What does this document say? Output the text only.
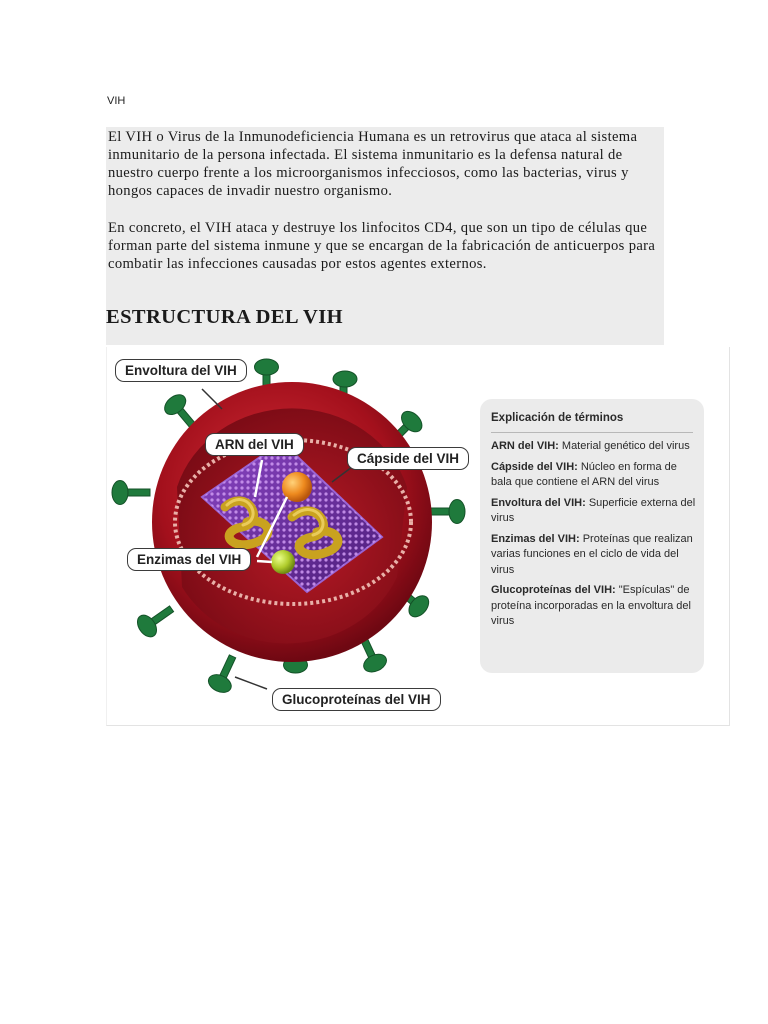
VIH

El VIH o Virus de la Inmunodeficiencia Humana es un retrovirus que ataca al sistema inmunitario de la persona infectada. El sistema inmunitario es la defensa natural de nuestro cuerpo frente a los microorganismos infecciosos, como las bacterias, virus y hongos capaces de invadir nuestro organismo.

En concreto, el VIH ataca y destruye los linfocitos CD4, que son un tipo de células que forman parte del sistema inmune y que se encargan de la fabricación de anticuerpos para combatir las infecciones causadas por estos agentes externos.

ESTRUCTURA DEL VIH
Envoltura del VIH
ARN del VIH
Cápside del VIH
Enzimas del VIH
Glucoproteínas del VIH
Explicación de términos
ARN del VIH: Material genético del virus
Cápside del VIH: Núcleo en forma de bala que contiene el ARN del virus
Envoltura del VIH: Superficie externa del virus
Enzimas del VIH: Proteínas que realizan varias funciones en el ciclo de vida del virus
Glucoproteínas del VIH: "Espículas" de proteína incorporadas en la envoltura del virus
